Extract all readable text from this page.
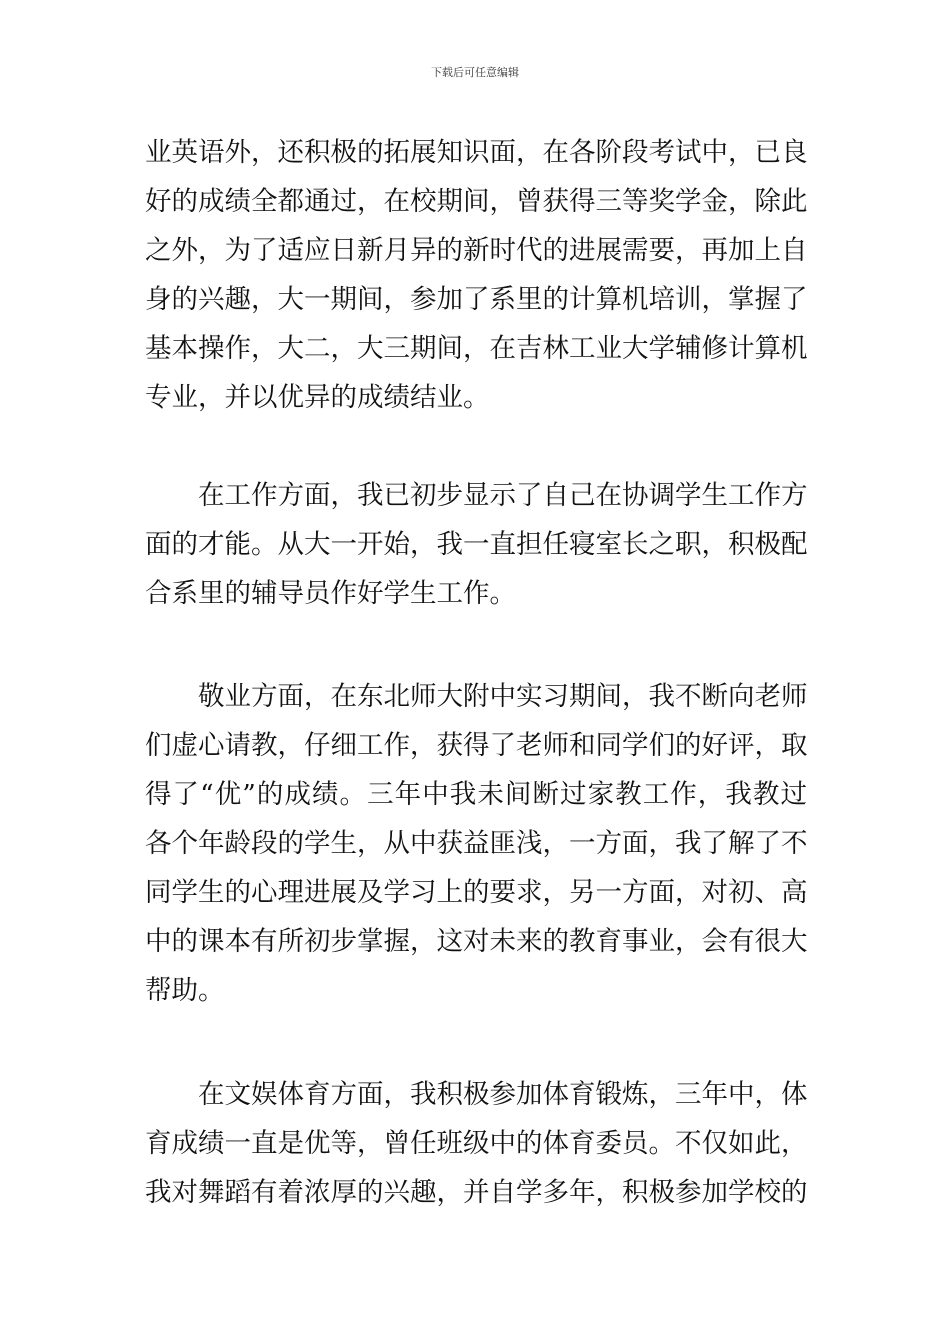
下载后可任意编辑
业英语外，还积极的拓展知识面，在各阶段考试中，已良
好的成绩全都通过，在校期间，曾获得三等奖学金，除此
之外，为了适应日新月异的新时代的进展需要，再加上自
身的兴趣，大一期间，参加了系里的计算机培训，掌握了
基本操作，大二，大三期间，在吉林工业大学辅修计算机
专业，并以优异的成绩结业。
在工作方面，我已初步显示了自己在协调学生工作方
面的才能。从大一开始，我一直担任寝室长之职，积极配
合系里的辅导员作好学生工作。
敬业方面，在东北师大附中实习期间，我不断向老师
们虚心请教，仔细工作，获得了老师和同学们的好评，取
得了“优”的成绩。三年中我未间断过家教工作，我教过
各个年龄段的学生，从中获益匪浅，一方面，我了解了不
同学生的心理进展及学习上的要求，另一方面，对初、高
中的课本有所初步掌握，这对未来的教育事业，会有很大
帮助。
在文娱体育方面，我积极参加体育锻炼，三年中，体
育成绩一直是优等，曾任班级中的体育委员。不仅如此，
我对舞蹈有着浓厚的兴趣，并自学多年，积极参加学校的
